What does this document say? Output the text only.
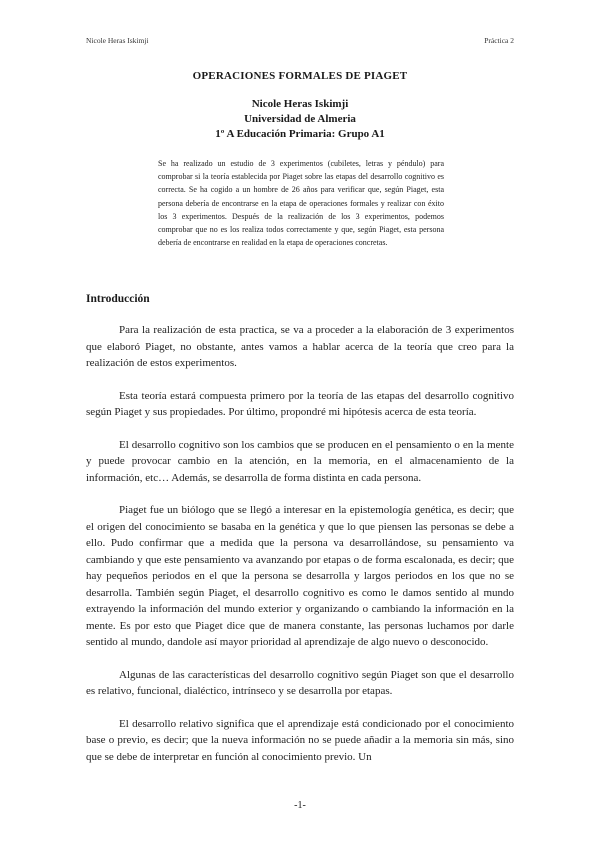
Nicole Heras Iskimji	Práctica 2
OPERACIONES FORMALES DE PIAGET
Nicole Heras Iskimji
Universidad de Almeria
1º A Educación Primaria: Grupo A1
Se ha realizado un estudio de 3 experimentos (cubiletes, letras y péndulo) para comprobar si la teoría establecida por Piaget sobre las etapas del desarrollo cognitivo es correcta. Se ha cogido a un hombre de 26 años para verificar que, según Piaget, esta persona debería de encontrarse en la etapa de operaciones formales y realizar con éxito los 3 experimentos. Después de la realización de los 3 experimentos, podemos comprobar que no es los realiza todos correctamente y que, según Piaget, esta persona debería de encontrarse en realidad en la etapa de operaciones concretas.
Introducción

Para la realización de esta practica, se va a proceder a la elaboración de 3 experimentos que elaboró Piaget, no obstante, antes vamos a hablar acerca de la teoría que creo para la realización de estos experimentos.

Esta teoría estará compuesta primero por la teoría de las etapas del desarrollo cognitivo según Piaget y sus propiedades. Por último, propondré mi hipótesis acerca de esta teoría.

El desarrollo cognitivo son los cambios que se producen en el pensamiento o en la mente y puede provocar cambio en la atención, en la memoria, en el almacenamiento de la información, etc… Además, se desarrolla de forma distinta en cada persona.

Piaget fue un biólogo que se llegó a interesar en la epistemología genética, es decir; que el origen del conocimiento se basaba en la genética y que lo que piensen las personas se debe a ello. Pudo confirmar que a medida que la persona va desarrollándose, su pensamiento va cambiando y que este pensamiento va avanzando por etapas o de forma escalonada, es decir; que hay pequeños periodos en el que la persona se desarrolla y largos periodos en los que no se desarrolla. También según Piaget, el desarrollo cognitivo es como le damos sentido al mundo extrayendo la información del mundo exterior y organizando o cambiando la información en la mente. Es por esto que Piaget dice que de manera constante, las personas luchamos por darle sentido al mundo, dandole así mayor prioridad al aprendizaje de algo nuevo o desconocido.

Algunas de las características del desarrollo cognitivo según Piaget son que el desarrollo es relativo, funcional, dialéctico, intrínseco y se desarrolla por etapas.

El desarrollo relativo significa que el aprendizaje está condicionado por el conocimiento base o previo, es decir; que la nueva información no se puede añadir a la memoria sin más, sino que se debe de interpretar en función al conocimiento previo. Un

-1-
